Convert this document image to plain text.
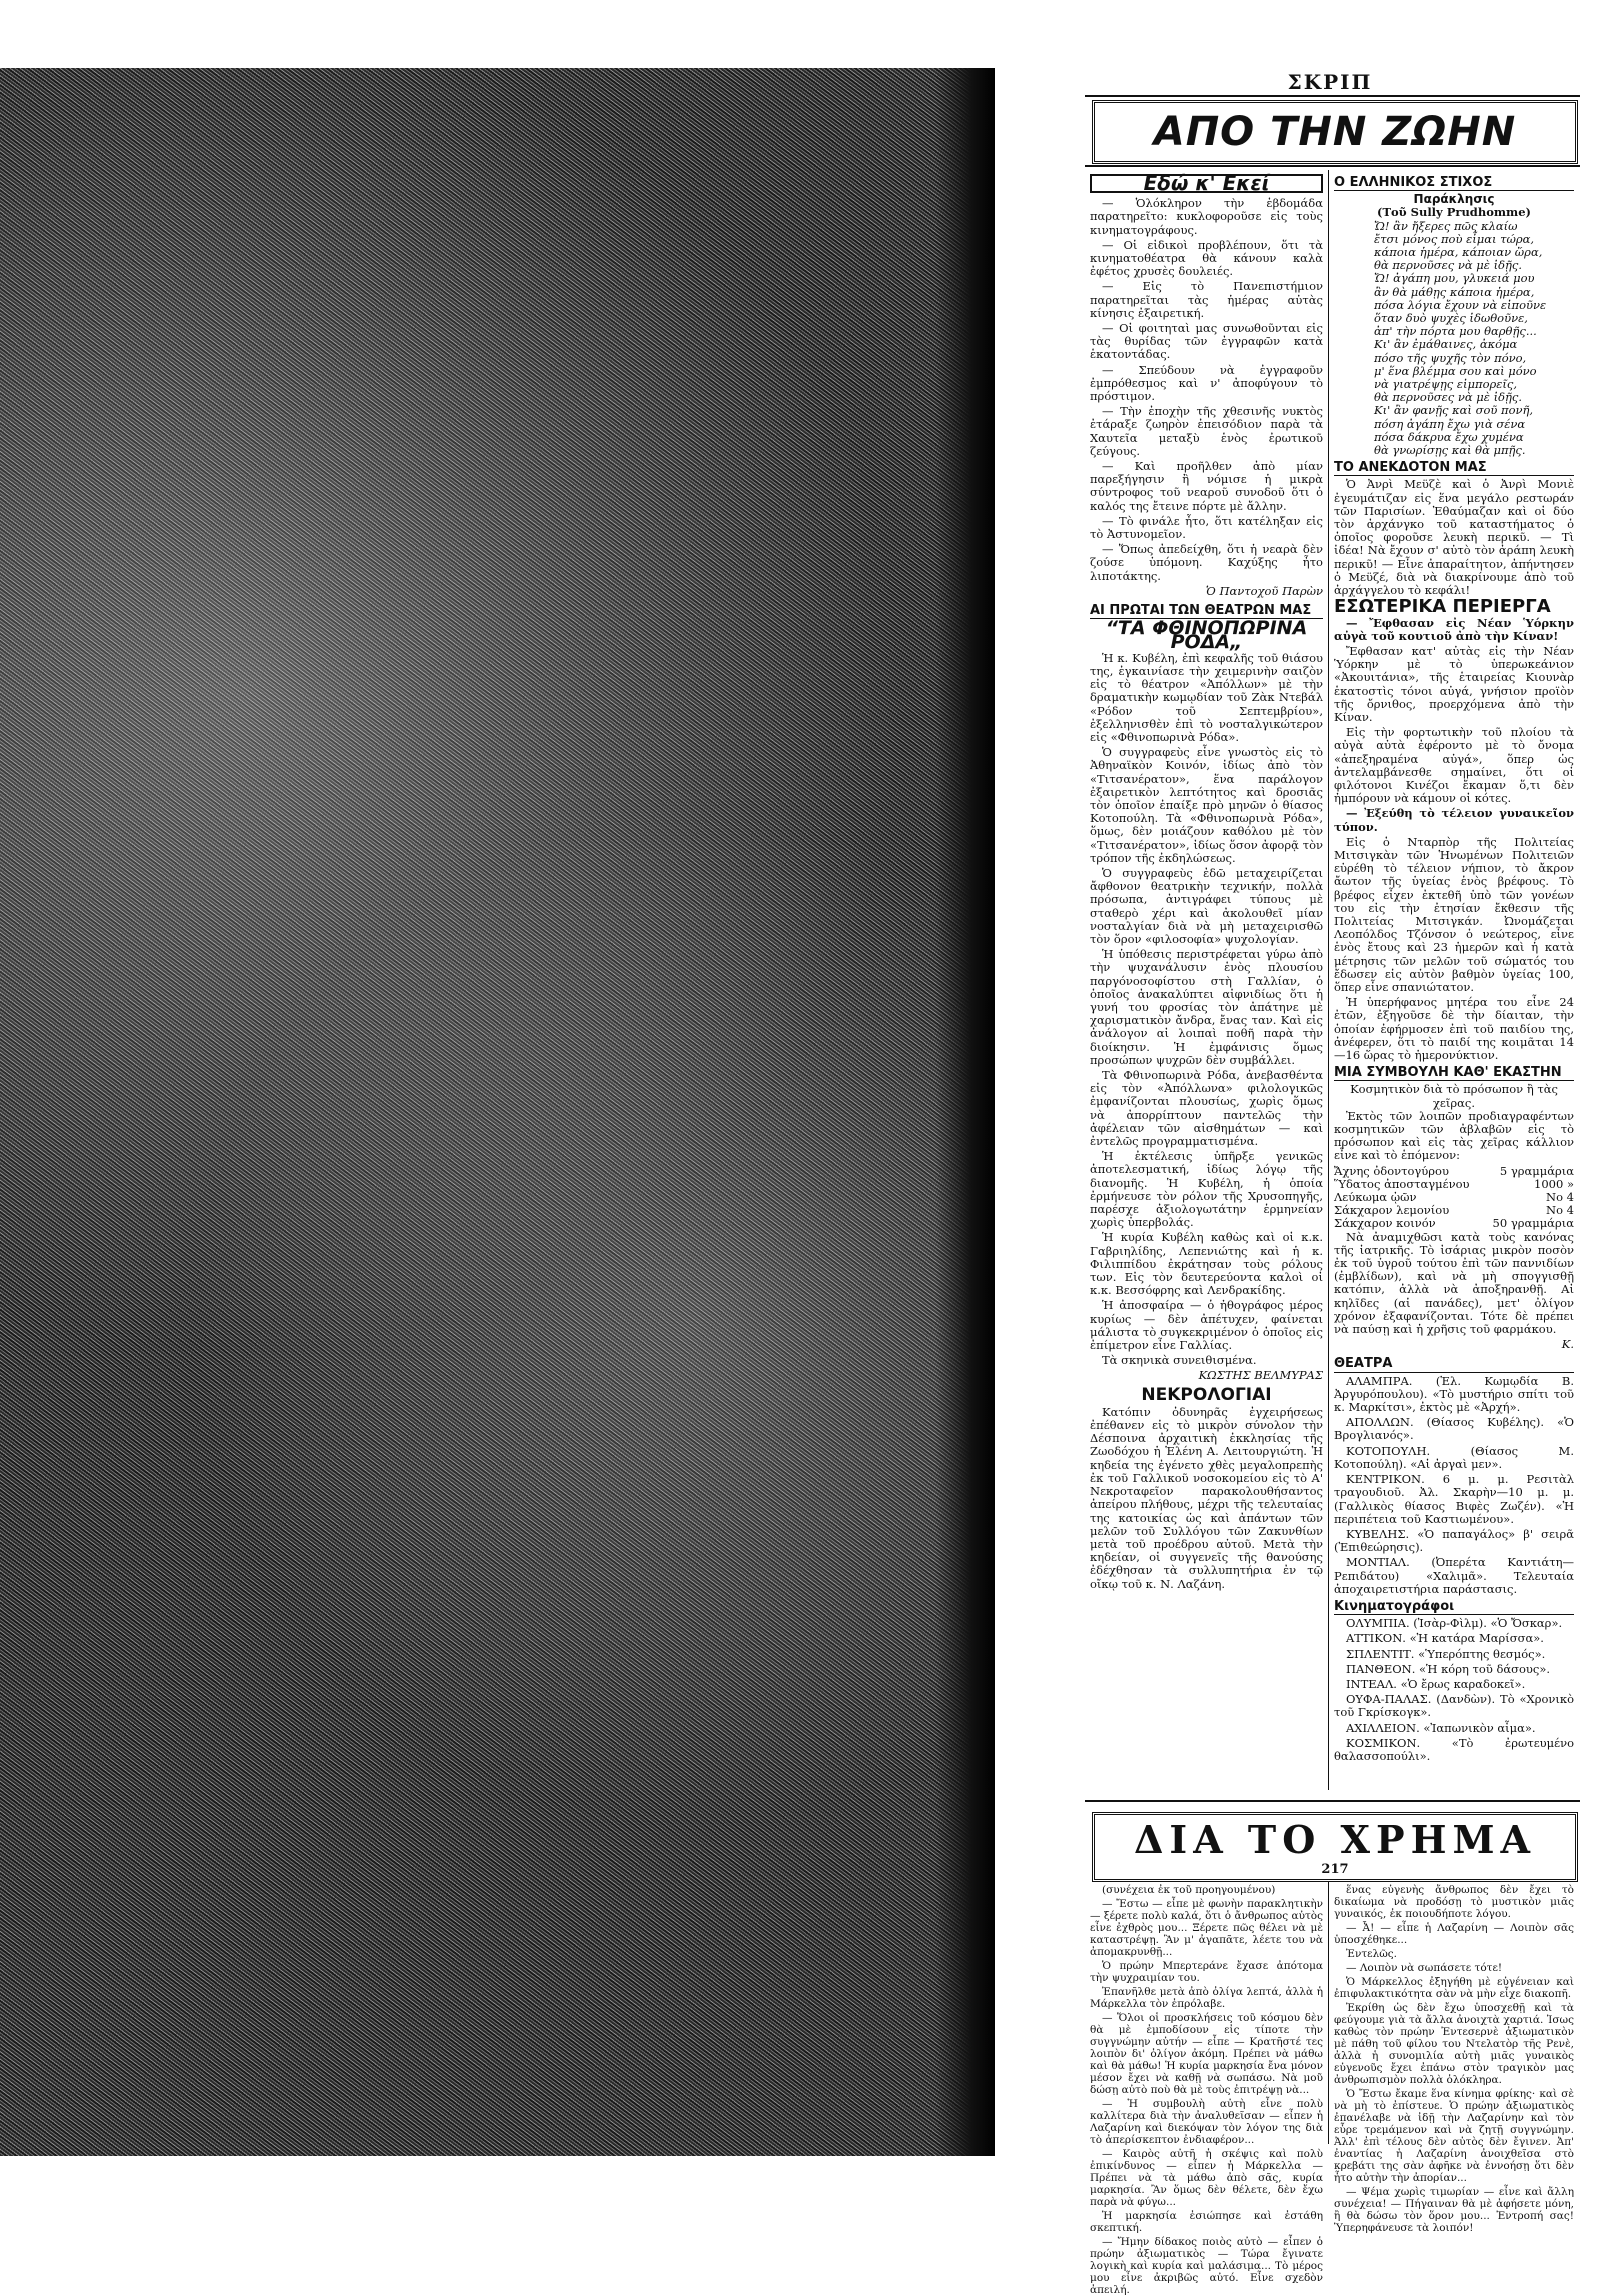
ΣΚΡΙΠ
ΑΠΟ ΤΗΝ ΖΩΗΝ
Εδώ κ' Εκεί

— Ὁλόκληρον τὴν ἑβδομάδα παρατηρεῖτο: κυκλοφοροῦσε εἰς τοὺς κινηματογράφους.

— Οἱ εἰδικοὶ προβλέπουν, ὅτι τὰ κινηματοθέατρα θὰ κάνουν καλὰ ἐφέτος χρυσὲς δουλειές.

— Εἰς τὸ Πανεπιστήμιον παρατηρεῖται τὰς ἡμέρας αὐτὰς κίνησις ἐξαιρετική.

— Οἱ φοιτηταὶ μας συνωθοῦνται εἰς τὰς θυρίδας τῶν ἐγγραφῶν κατὰ ἑκατοντάδας.

— Σπεύδουν νὰ ἐγγραφοῦν ἐμπρόθεσμος καὶ ν' ἀποφύγουν τὸ πρόστιμον.

— Τὴν ἐποχὴν τῆς χθεσινῆς νυκτὸς ἐτάραξε ζωηρὸν ἐπεισόδιον παρὰ τὰ Χαυτεῖα μεταξὺ ἑνὸς ἐρωτικοῦ ζεύγους.

— Καὶ προῆλθεν ἀπὸ μίαν παρεξήγησιν ἢ νόμισε ἡ μικρὰ σύντροφος τοῦ νεαροῦ συνοδοῦ ὅτι ὁ καλός της ἔτεινε πόρτε μὲ ἄλλην.

— Τὸ φινάλε ἦτο, ὅτι κατέληξαν εἰς τὸ Ἀστυνομεῖον.

— Ὅπως ἀπεδείχθη, ὅτι ἡ νεαρὰ δὲν ζούσε ὑπόμονη. Καχύξης ἦτο λιποτάκτης.

Ὁ Παντοχοῦ Παρὼν
ΑΙ ΠΡΩΤΑΙ ΤΩΝ ΘΕΑΤΡΩΝ ΜΑΣ
“ΤΑ ΦΘΙΝΟΠΩΡΙΝΑ ΡΟΔΑ„

Ἡ κ. Κυβέλη, ἐπὶ κεφαλῆς τοῦ θιάσου της, ἐγκαινίασε τὴν χειμερινὴν σαιζὸν εἰς τὸ θέατρον «Ἀπόλλων» μὲ τὴν δραματικὴν κωμῳδίαν τοῦ Ζὰκ Ντεβάλ «Ρόδον τοῦ Σεπτεμβρίου», ἐξελληνισθὲν ἐπὶ τὸ νοσταλγικώτερον εἰς «Φθινοπωρινὰ Ρόδα».

Ὁ συγγραφεὺς εἶνε γνωστὸς εἰς τὸ Ἀθηναϊκὸν Κοινόν, ἰδίως ἀπὸ τὸν «Τιτσανέρατον», ἕνα παράλογον ἐξαιρετικὸν λεπτότητος καὶ δροσιᾶς τὸν ὁποῖον ἐπαίξε πρὸ μηνῶν ὁ θίασος Κοτοπούλη. Τὰ «Φθινοπωρινὰ Ρόδα», ὅμως, δὲν μοιάζουν καθόλου μὲ τὸν «Τιτσανέρατον», ἰδίως ὅσον ἀφορᾷ τὸν τρόπον τῆς ἐκδηλώσεως.

Ὁ συγγραφεὺς ἐδῶ μεταχειρίζεται ἄφθονον θεατρικὴν τεχνικήν, πολλὰ πρόσωπα, ἀντιγράφει τύπους μὲ σταθερὸ χέρι καὶ ἀκολουθεῖ μίαν νοσταλγίαν διὰ νὰ μὴ μεταχειρισθῶ τὸν ὅρον «φιλοσοφία» ψυχολογίαν.

Ἡ ὑπόθεσις περιστρέφεται γύρω ἀπὸ τὴν ψυχανάλυσιν ἑνὸς πλουσίου παργόνοσοφίστου στὴ Γαλλίαν, ὁ ὁποῖος ἀνακαλύπτει αἰφνιδίως ὅτι ἡ γυνή του φροσίας τὸν ἀπάτηνε μὲ χαρισματικὸν ἄνδρα, ἔνας ταν. Καὶ εἰς ἀνάλογον αἱ λοιπαὶ ποθῆ παρὰ τὴν διοίκησιν. Ἡ ἐμφάνισις ὅμως προσώπων ψυχρῶν δὲν συμβάλλει.

Τὰ Φθινοπωρινὰ Ρόδα, ἀνεβασθέντα εἰς τὸν «Ἀπόλλωνα» φιλολογικῶς ἐμφανίζονται πλουσίως, χωρὶς ὅμως νὰ ἀπορρίπτουν παντελῶς τὴν ἀφέλειαν τῶν αἰσθημάτων — καὶ ἐντελῶς προγραμματισμένα.

Ἡ ἐκτέλεσις ὑπῆρξε γενικῶς ἀποτελεσματική, ἰδίως λόγῳ τῆς διανομῆς. Ἡ Κυβέλη, ἡ ὁποία ἐρμήνευσε τὸν ρόλον τῆς Χρυσοπηγῆς, παρέσχε ἀξιολογωτάτην ἑρμηνείαν χωρὶς ὑπερβολάς.

Ἡ κυρία Κυβέλη καθὼς καὶ οἱ κ.κ. Γαβριηλίδης, Λεπενιώτης καὶ ἡ κ. Φιλιππίδου ἐκράτησαν τοὺς ρόλους των. Εἰς τὸν δευτερεύοντα καλοὶ οἱ κ.κ. Βεσσόφρης καὶ Λενδρακίδης.

Ἡ ἀποσφαίρα — ὁ ἠθογράφος μέρος κυρίως — δὲν ἀπέτυχεν, φαίνεται μάλιστα τὸ συγκεκριμένον ὁ ὁποῖος εἰς ἐπίμετρον εἶνε Γαλλίας.

Τὰ σκηνικὰ συνειθισμένα.

ΚΩΣΤΗΣ ΒΕΛΜΥΡΑΣ
ΝΕΚΡΟΛΟΓΙΑΙ

Κατόπιν ὀδυνηρᾶς ἐγχειρήσεως ἐπέθανεν εἰς τὸ μικρὸν σύνολον τὴν Δέσποινα ἀρχαιτικὴ ἐκκλησίας τῆς Ζωοδόχου ἡ Ἑλένη Α. Λειτουργιώτη. Ἡ κηδεία της ἐγένετο χθὲς μεγαλοπρεπὴς ἐκ τοῦ Γαλλικοῦ νοσοκομείου εἰς τὸ Α' Νεκροταφεῖον παρακολουθήσαντος ἀπείρου πλήθους, μέχρι τῆς τελευταίας της κατοικίας ὡς καὶ ἀπάντων τῶν μελῶν τοῦ Συλλόγου τῶν Ζακυνθίων μετὰ τοῦ προέδρου αὐτοῦ. Μετὰ τὴν κηδείαν, οἱ συγγενεῖς τῆς θανούσης ἐδέχθησαν τὰ συλλυπητήρια ἐν τῷ οἴκῳ τοῦ κ. Ν. Λαζάνη.

Ο ΕΛΛΗΝΙΚΟΣ ΣΤΙΧΟΣ
Παράκλησις
(Τοῦ Sully Prudhomme)
Ὤ! ἂν ἤξερες πῶς κλαίω
ἔτσι μόνος ποὺ εἶμαι τώρα,
κάποια ἡμέρα, κάποιαν ὥρα,
θὰ περνοῦσες νὰ μὲ ἰδῇς.
Ὤ! ἀγάπη μου, γλυκειά μου
ἂν θὰ μάθῃς κάποια ἡμέρα,
πόσα λόγια ἔχουν νὰ εἰποῦνε
ὅταν δυὸ ψυχὲς ἰδωθοῦνε,
ἀπ' τὴν πόρτα μου θαρθῇς...
Κι' ἂν ἐμάθαινες, ἀκόμα
πόσο τῆς ψυχῆς τὸν πόνο,
μ' ἕνα βλέμμα σου καὶ μόνο
νὰ γιατρέψῃς εἰμπορεῖς,
θὰ περνοῦσες νὰ μὲ ἰδῇς.
Κι' ἂν φανῇς καὶ σοῦ πονῆ,
πόση ἀγάπη ἔχω γιὰ σένα
πόσα δάκρυα ἔχω χυμένα
θὰ γνωρίσῃς καὶ θὰ μπῇς.
ΤΟ ΑΝΕΚΔΟΤΟΝ ΜΑΣ

Ὁ Ἀνρὶ Μεϋζὲ καὶ ὁ Ἀνρὶ Μονιὲ ἐγευμάτιζαν εἰς ἕνα μεγάλο ρεστωράν τῶν Παρισίων. Ἐθαύμαζαν καὶ οἱ δύο τὸν ἀρχάνγκο τοῦ καταστήματος ὁ ὁποῖος φοροῦσε λευκὴ περικῦ. — Τὶ ἰδέα! Νὰ ἔχουν σ' αὐτὸ τὸν ἀράπη λευκὴ περικῦ! — Εἶνε ἀπαραίτητον, ἀπήντησεν ὁ Μεϋζέ, διὰ νὰ διακρίνουμε ἀπὸ τοῦ ἀρχάγγελου τὸ κεφάλι!

ΕΣΩΤΕΡΙΚΑ ΠΕΡΙΕΡΓΑ

— Ἔφθασαν εἰς Νέαν Ὑόρκην αὐγὰ τοῦ κουτιοῦ ἀπὸ τὴν Κίναν!

Ἔφθασαν κατ' αὐτὰς εἰς τὴν Νέαν Ὑόρκην μὲ τὸ ὑπερωκεάνιον «Ἀκουιτάνια», τῆς ἑταιρείας Κιουνὰρ ἑκατοστὶς τόνοι αὐγά, γνήσιον προϊὸν τῆς ὄρνιθος, προερχόμενα ἀπὸ τὴν Κίναν.

Εἰς τὴν φορτωτικὴν τοῦ πλοίου τὰ αὐγὰ αὐτὰ ἐφέροντο μὲ τὸ ὄνομα «ἀπεξηραμένα αὐγά», ὅπερ ὡς ἀντελαμβάνεσθε σημαίνει, ὅτι οἱ φιλότονοι Κινέζοι ἔκαμαν ὅ,τι δὲν ἠμπόρουν νὰ κάμουν οἱ κότες.

— Ἐξεύθη τὸ τέλειον γυναικεῖον τύπον.

Εἰς ὁ Νταρπὸρ τῆς Πολιτείας Μιτσιγκὰν τῶν Ἡνωμένων Πολιτειῶν εὑρέθη τὸ τέλειον νήπιον, τὸ ἄκρον ἄωτον τῆς ὑγείας ἑνὸς βρέφους. Τὸ βρέφος εἶχεν ἐκτεθῆ ὑπὸ τῶν γονέων του εἰς τὴν ἐτησίαν ἔκθεσιν τῆς Πολιτείας Μιτσιγκάν. Ὠνομάζεται Λεοπόλδος Τζόνσον ὁ νεώτερος, εἶνε ἑνὸς ἔτους καὶ 23 ἡμερῶν καὶ ἡ κατὰ μέτρησις τῶν μελῶν τοῦ σώματός του ἔδωσεν εἰς αὐτὸν βαθμὸν ὑγείας 100, ὅπερ εἶνε σπανιώτατον.

Ἡ ὑπερήφανος μητέρα του εἶνε 24 ἐτῶν, ἐξηγοῦσε δὲ τὴν δίαιταν, τὴν ὁποίαν ἐφήρμοσεν ἐπὶ τοῦ παιδίου της, ἀνέφερεν, ὅτι τὸ παιδί της κοιμᾶται 14—16 ὥρας τὸ ἡμερονύκτιον.

ΜΙΑ ΣΥΜΒΟΥΛΗ ΚΑΘ' ΕΚΑΣΤΗΝ
Κοσμητικὸν διὰ τὸ πρόσωπον ἢ τὰς χεῖρας.

Ἐκτὸς τῶν λοιπῶν προδιαγραφέντων κοσμητικῶν τῶν ἀβλαβῶν εἰς τὸ πρόσωπον καὶ εἰς τὰς χεῖρας κάλλιον εἶνε καὶ τὸ ἑπόμενον:

Ἄχνης ὀδοντογύρου	5 γραμμάρια
Ὕδατος ἀποσταγμένου	1000 »
Λεύκωμα ᾠῶν	Νο 4
Σάκχαρον λεμονίου	Νο 4
Σάκχαρον κοινόν	50 γραμμάρια

Νὰ ἀναμιχθῶσι κατὰ τοὺς κανόνας τῆς ἰατρικῆς. Τὸ ἰσάριας μικρὸν ποσὸν ἐκ τοῦ ὑγροῦ τούτου ἐπὶ τῶν παννιδίων (ἐμβλίδων), καὶ νὰ μὴ σπογγισθῇ κατόπιν, ἀλλὰ νὰ ἀποξηρανθῇ. Αἱ κηλῖδες (αἱ πανάδες), μετ' ὀλίγον χρόνον ἐξαφανίζονται. Τότε δὲ πρέπει νὰ παύσῃ καὶ ἡ χρῆσις τοῦ φαρμάκου.

Κ.
ΘΕΑΤΡΑ

ΑΛΑΜΠΡΑ. (Ἑλ. Κωμῳδία Β. Ἀργυρόπουλου). «Τὸ μυστήριο σπίτι τοῦ κ. Μαρκίτσι», ἐκτὸς μὲ «Ἀρχή».

ΑΠΟΛΛΩΝ. (Θίασος Κυβέλης). «Ὁ Βρογλιανός».

ΚΟΤΟΠΟΥΛΗ. (Θίασος Μ. Κοτοπούλη). «Αἱ ἀργαὶ μεν».

ΚΕΝΤΡΙΚΟΝ. 6 μ. μ. Ρεσιτὰλ τραγουδιοῦ. Ἀλ. Σκαρὴν—10 μ. μ. (Γαλλικὸς θίασος Βιφὲς Ζωζέν). «Ἡ περιπέτεια τοῦ Καστιωμένου».

ΚΥΒΕΛΗΣ. «Ὁ παπαγάλος» β' σειρᾶ (Ἐπιθεώρησις).

ΜΟΝΤΙΑΛ. (Ὀπερέτα Καντιάτη—Ρεπιδάτου) «Χαλιμᾶ». Τελευταία ἀποχαιρετιστήρια παράστασις.

Κινηματογράφοι

ΟΛΥΜΠΙΑ. (Ἰσὰρ-Φὶλμ). «Ὁ Ὄσκαρ».

ΑΤΤΙΚΟΝ. «Ἡ κατάρα Μαρίσσα».

ΣΠΛΕΝΤΙΤ. «Ὑπερόπτης θεσμός».

ΠΑΝΘΕΟΝ. «Ἡ κόρη τοῦ δάσους».

ΙΝΤΕΑΛ. «Ὁ ἔρως καραδοκεῖ».

ΟΥΦΑ-ΠΑΛΑΣ. (Δανδὼν). Τὸ «Χρονικὸ τοῦ Γκρίσκογκ».

ΑΧΙΛΛΕΙΟΝ. «Ἰαπωνικὸν αἷμα».

ΚΟΣΜΙΚΟΝ. «Τὸ ἐρωτευμένο θαλασσοπούλι».

ΔΙΑ ΤΟ ΧΡΗΜΑ
217

(συνέχεια ἐκ τοῦ προηγουμένου)

— Ἔστω — εἶπε μὲ φωνὴν παρακλητικὴν — ξέρετε πολὺ καλά, ὅτι ὁ ἄνθρωπος αὐτὸς εἶνε ἐχθρὸς μου... Ξέρετε πῶς θέλει νὰ μὲ καταστρέψῃ. Ἂν μ' ἀγαπᾶτε, λέετε του νὰ ἀπομακρυνθῇ...

Ὁ πρώην Μπερτεράνε ἔχασε ἀπότομα τὴν ψυχραιμίαν του.

Ἐπανῆλθε μετὰ ἀπὸ ὀλίγα λεπτά, ἀλλὰ ἡ Μάρκελλα τὸν ἐπρόλαβε.

— Ὅλοι οἱ προσκλήσεις τοῦ κόσμου δὲν θὰ μὲ ἐμποδίσουν εἰς τίποτε τὴν συγγνώμην αὐτήν — εἶπε — Κρατῆστέ τες λοιπὸν δι' ὀλίγον ἀκόμη. Πρέπει νὰ μάθω καὶ θὰ μάθω! Ἡ κυρία μαρκησία ἔνα μόνον μέσον ἔχει νὰ καθῇ νὰ σωπάσω. Νὰ μοῦ δώσῃ αὐτὸ ποὺ θὰ μὲ τοὺς ἐπιτρέψῃ νὰ...

— Ἡ συμβουλὴ αὐτὴ εἶνε πολὺ καλλίτερα διὰ τὴν ἀναλυθεῖσαν — εἶπεν ἡ Λαζαρίνη καὶ διεκόψαν τὸν λόγον της διὰ τὸ ἀπερίσκεπτον ἐνδιαφέρον...

— Καιρὸς αὐτῆ ἡ σκέψις καὶ πολὺ ἐπικίνδυνος — εἶπεν ἡ Μάρκελλα — Πρέπει νὰ τὰ μάθω ἀπὸ σᾶς, κυρία μαρκησία. Ἂν ὅμως δὲν θέλετε, δὲν ἔχω παρὰ νὰ φύγω...

Ἡ μαρκησία ἐσιώπησε καὶ ἐστάθη σκεπτική.

— Ἤμην δίδακος ποιὸς αὐτὸ — εἶπεν ὁ πρώην ἀξιωματικὸς — Τώρα ἔγινατε λογικὴ καὶ κυρία καὶ μαλάσιμα... Τὸ μέρος μου εἶνε ἀκριβῶς αὐτό. Εἶνε σχεδὸν ἀπειλή.

ἕνας εὐγενὴς ἄνθρωπος δὲν ἔχει τὸ δικαίωμα νὰ προδόσῃ τὸ μυστικὸν μιᾶς γυναικός, ἐκ ποιουδήποτε λόγου.

— Ἆ! — εἶπε ἡ Λαζαρίνη — Λοιπὸν σᾶς ὑποσχέθηκε...

Ἐντελῶς.

— Λοιπὸν νὰ σωπάσετε τότε!

Ὁ Μάρκελλος ἐξηγήθη μὲ εὐγένειαν καὶ ἐπιφυλακτικότητα σὰν νὰ μὴν εἶχε διακοπῆ.

Ἐκρίθη ὡς δὲν ἔχω ὑποσχεθῇ καὶ τὰ φεύγουμε γιὰ τὰ ἄλλα ἀνοιχτὰ χαρτιά. Ἰσως καθὼς τὸν πρώην Ἐντεσερνὲ ἀξιωματικὸν μὲ πάθη τοῦ φίλου του Ντελατὸρ τῆς Ρενὲ, ἀλλὰ ἡ συνομιλία αὐτὴ μιᾶς γυναικὸς εὐγενοῦς ἔχει ἐπάνω στὸν τραγικὸν μας ἀνθρωπισμὸν πολλὰ ὁλόκληρα.

Ὁ Ἔστω ἔκαμε ἕνα κίνημα φρίκης· καὶ σὲ νὰ μὴ τὸ ἐπίστευε. Ὁ πρώην ἀξιωματικὸς ἐπανέλαβε νὰ ἰδῇ τὴν Λαζαρίνην καὶ τὸν εὗρε τρεμάμενον καὶ νὰ ζητῇ συγγνώμην. Ἀλλ' ἐπὶ τέλους δὲν αὐτὸς δὲν ἔγινεν. Ἀπ' ἐναντίας ἡ Λαζαρίνη ἀνοιχθεῖσα στὸ κρεβάτι της σὰν ἀφῆκε νὰ ἐννοήσῃ ὅτι δὲν ἦτο αὐτὴν τὴν ἀπορίαν...

— Ψέμα χωρὶς τιμωρίαν — εἶνε καὶ ἄλλη συνέχεια! — Πήγαιναν θὰ μὲ ἀφήσετε μόνη, ἢ θὰ δώσω τὸν ὅρον μου... Ἐντροπή σας! Ὑπερηφάνευσε τὰ λοιπόν!
